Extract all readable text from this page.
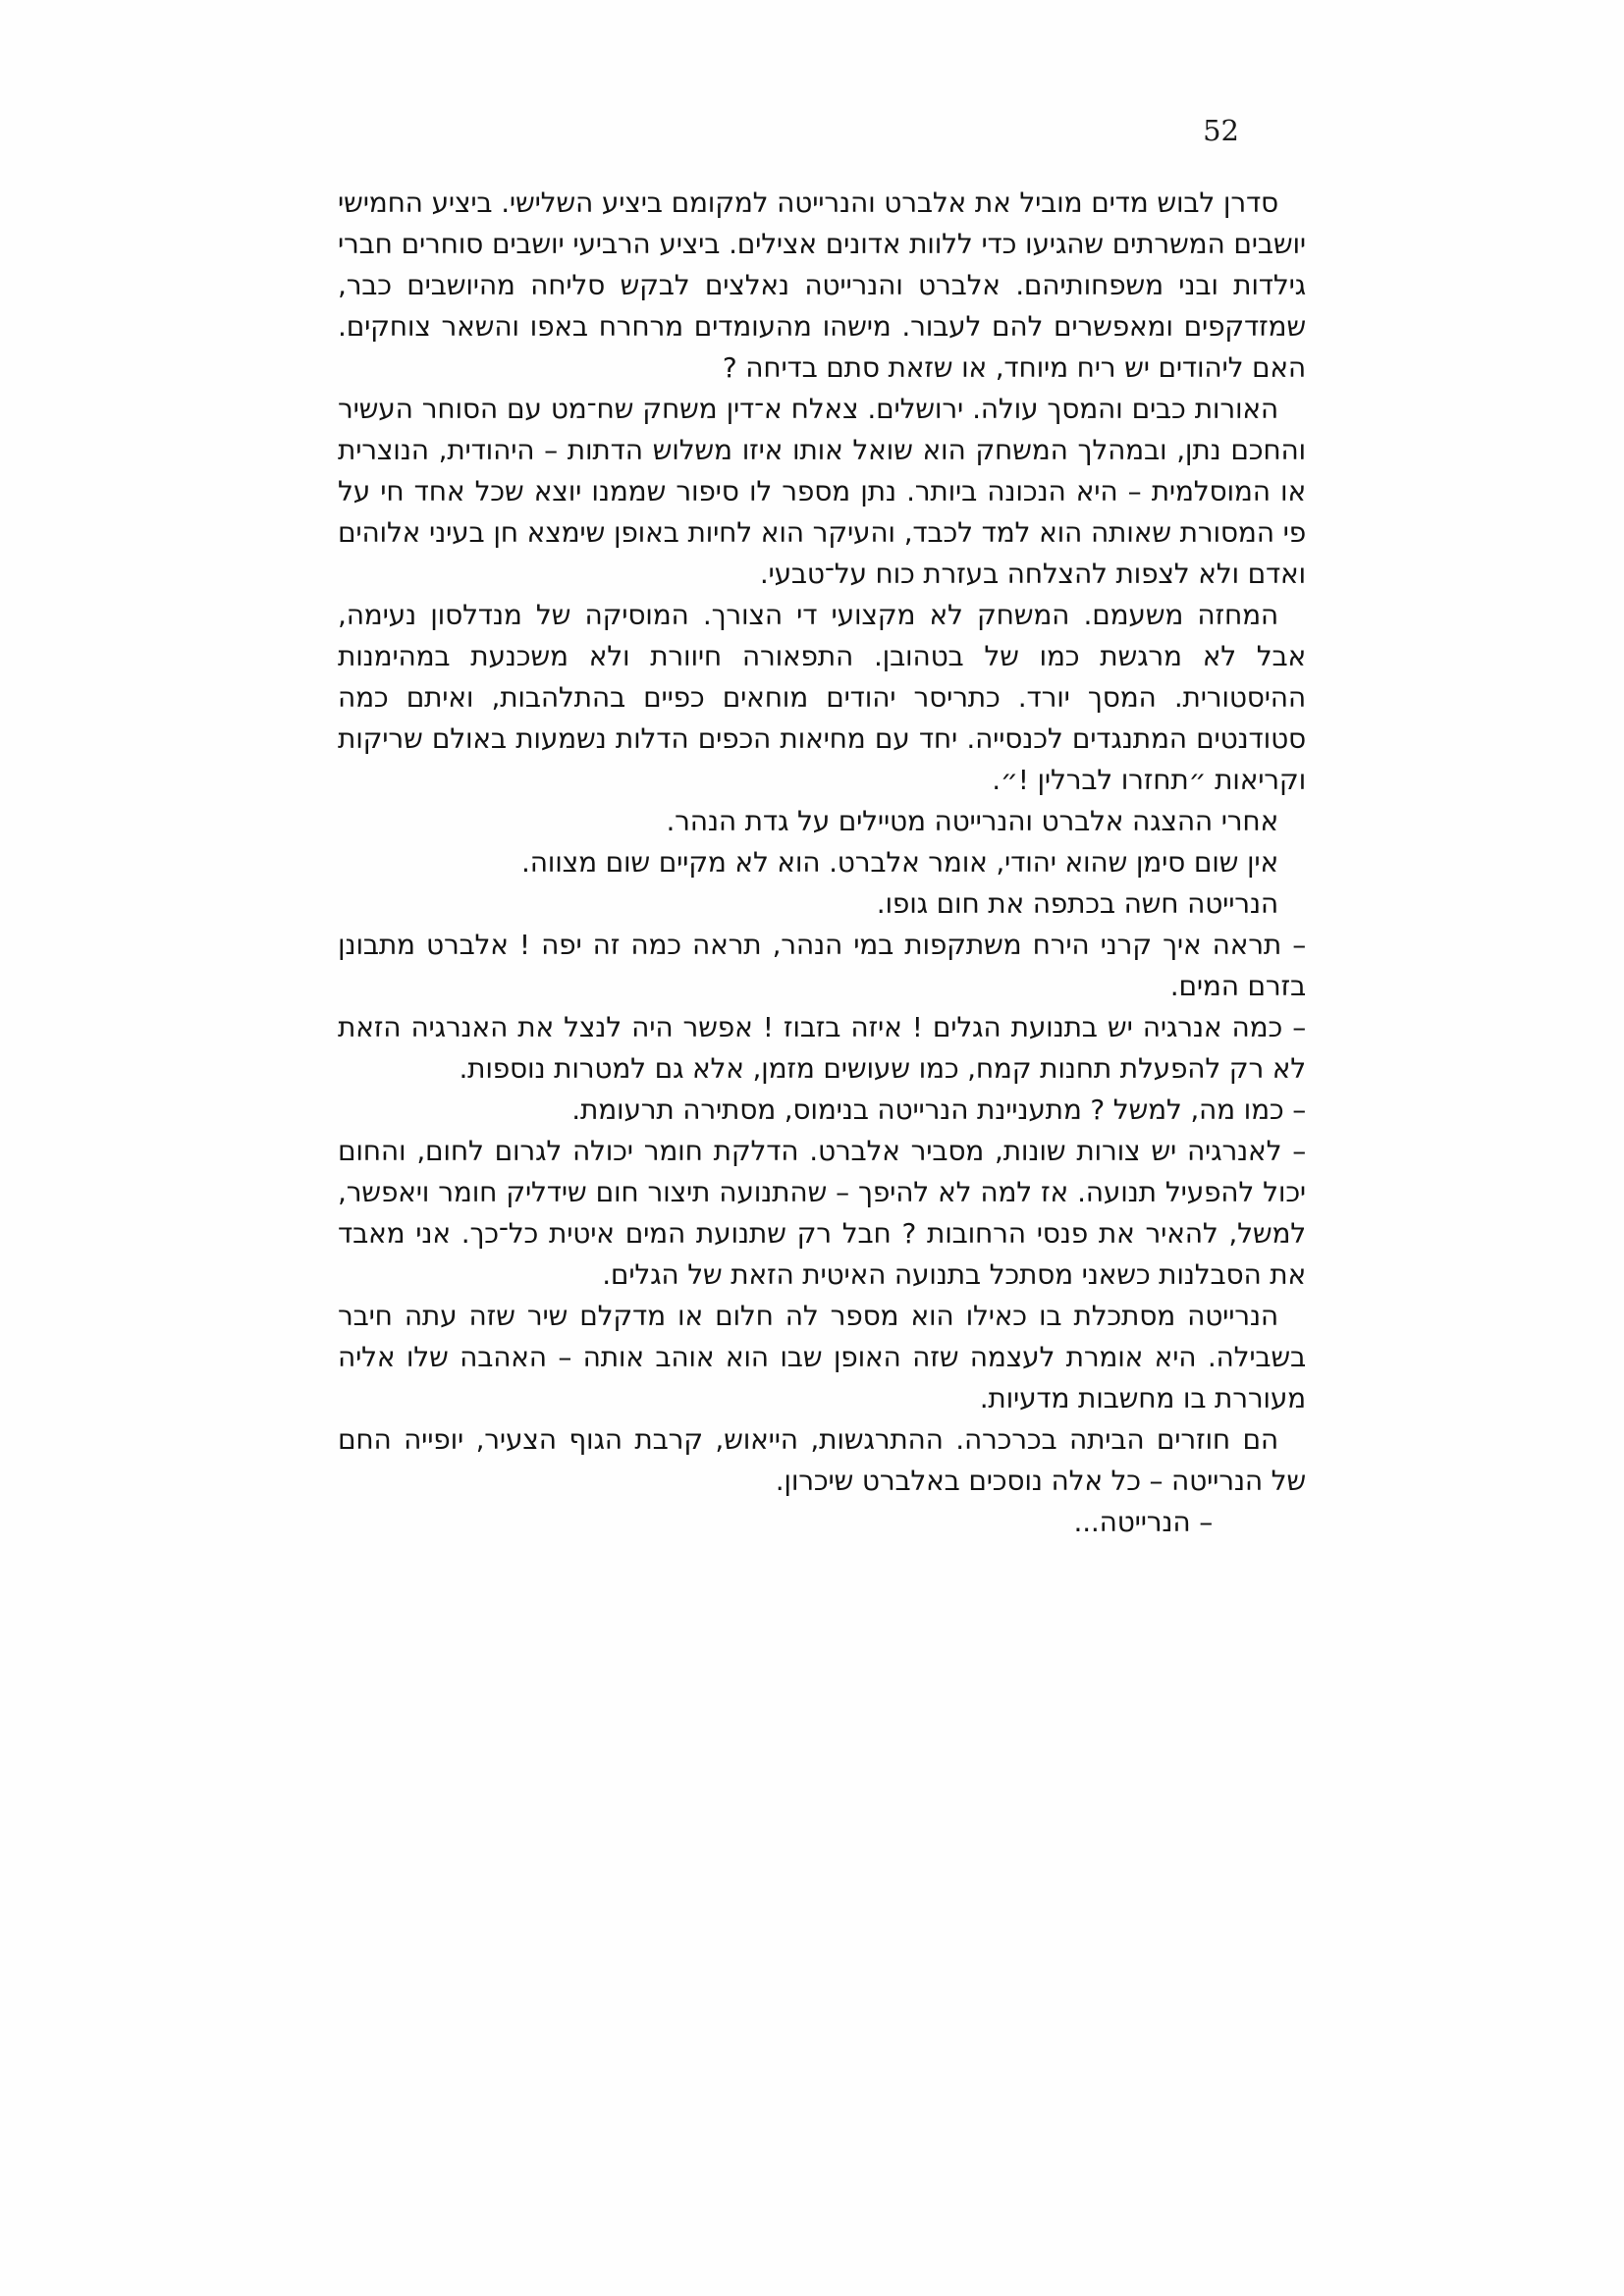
52

סדרן לבוש מדים מוביל את אלברט והנרייטה למקומם ביציע השלישי. ביציע החמישי יושבים המשרתים שהגיעו כדי ללוות אדונים אצילים. ביציע הרביעי יושבים סוחרים חברי גילדות ובני משפחותיהם. אלברט והנרייטה נאלצים לבקש סליחה מהיושבים כבר, שמזדקפים ומאפשרים להם לעבור. מישהו מהעומדים מרחרח באפו והשאר צוחקים. האם ליהודים יש ריח מיוחד, או שזאת סתם בדיחה ?

האורות כבים והמסך עולה. ירושלים. צאלח א־דין משחק שח־מט עם הסוחר העשיר והחכם נתן, ובמהלך המשחק הוא שואל אותו איזו משלוש הדתות – היהודית, הנוצרית או המוסלמית – היא הנכונה ביותר. נתן מספר לו סיפור שממנו יוצא שכל אחד חי על פי המסורת שאותה הוא למד לכבד, והעיקר הוא לחיות באופן שימצא חן בעיני אלוהים ואדם ולא לצפות להצלחה בעזרת כוח על־טבעי.

המחזה משעמם. המשחק לא מקצועי די הצורך. המוסיקה של מנדלסון נעימה, אבל לא מרגשת כמו של בטהובן. התפאורה חיוורת ולא משכנעת במהימנות ההיסטורית. המסך יורד. כתריסר יהודים מוחאים כפיים בהתלהבות, ואיתם כמה סטודנטים המתנגדים לכנסייה. יחד עם מחיאות הכפים הדלות נשמעות באולם שריקות וקריאות ״תחזרו לברלין !״.

אחרי ההצגה אלברט והנרייטה מטיילים על גדת הנהר.

אין שום סימן שהוא יהודי, אומר אלברט. הוא לא מקיים שום מצווה.

הנרייטה חשה בכתפה את חום גופו.

– תראה איך קרני הירח משתקפות במי הנהר, תראה כמה זה יפה ! אלברט מתבונן בזרם המים.

– כמה אנרגיה יש בתנועת הגלים ! איזה בזבוז ! אפשר היה לנצל את האנרגיה הזאת לא רק להפעלת תחנות קמח, כמו שעושים מזמן, אלא גם למטרות נוספות.

– כמו מה, למשל ? מתעניינת הנרייטה בנימוס, מסתירה תרעומת.

– לאנרגיה יש צורות שונות, מסביר אלברט. הדלקת חומר יכולה לגרום לחום, והחום יכול להפעיל תנועה. אז למה לא להיפך – שהתנועה תיצור חום שידליק חומר ויאפשר, למשל, להאיר את פנסי הרחובות ? חבל רק שתנועת המים איטית כל־כך. אני מאבד את הסבלנות כשאני מסתכל בתנועה האיטית הזאת של הגלים.

הנרייטה מסתכלת בו כאילו הוא מספר לה חלום או מדקלם שיר שזה עתה חיבר בשבילה. היא אומרת לעצמה שזה האופן שבו הוא אוהב אותה – האהבה שלו אליה מעוררת בו מחשבות מדעיות.

הם חוזרים הביתה בכרכרה. ההתרגשות, הייאוש, קרבת הגוף הצעיר, יופייה החם של הנרייטה – כל אלה נוסכים באלברט שיכרון.

– הנרייטה...
